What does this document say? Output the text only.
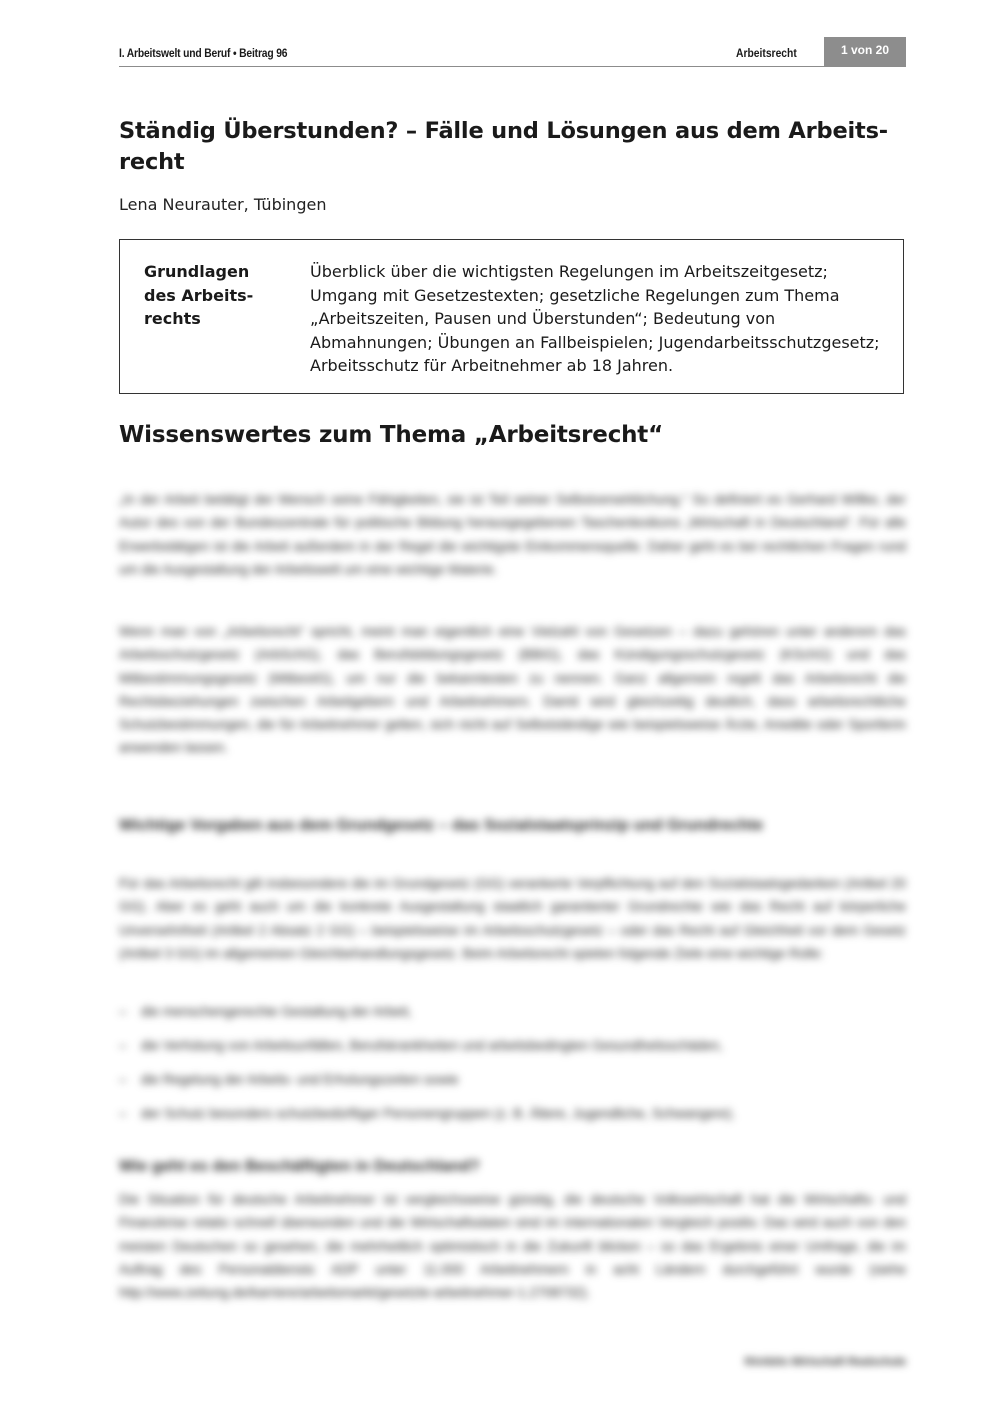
I. Arbeitswelt und Beruf • Beitrag 96	Arbeitsrecht	1 von 20
Ständig Überstunden? – Fälle und Lösungen aus dem Arbeits-recht
Lena Neurauter, Tübingen
Grundlagen des Arbeits-rechts
Überblick über die wichtigsten Regelungen im Arbeitszeitgesetz; Umgang mit Gesetzestexten; gesetzliche Regelungen zum Thema „Arbeitszeiten, Pausen und Überstunden“; Bedeutung von Abmahnungen; Übungen an Fallbeispielen; Jugendarbeitsschutzgesetz; Arbeitsschutz für Arbeitnehmer ab 18 Jahren.
Wissenswertes zum Thema „Arbeitsrecht“

„In der Arbeit betätigt der Mensch seine Fähigkeiten, sie ist Teil seiner Selbstverwirklichung.“ So definiert es Gerhard Willke, der Autor des von der Bundeszentrale für politische Bildung herausgegebenen Taschenlexikons „Wirtschaft in Deutschland“. Für alle Erwerbstätigen ist die Arbeit außerdem in der Regel die wichtigste Einkommensquelle. Daher geht es bei rechtlichen Fragen rund um die Ausgestaltung der Arbeitswelt um eine wichtige Materie.

Wenn man von „Arbeitsrecht“ spricht, meint man eigentlich eine Vielzahl von Gesetzen – dazu gehören unter anderem das Arbeitsschutzgesetz (ArbSchG), das Berufsbildungsgesetz (BBiG), das Kündigungsschutzgesetz (KSchG) und das Mitbestimmungsgesetz (MitbestG), um nur die bekanntesten zu nennen. Ganz allgemein regelt das Arbeitsrecht die Rechtsbeziehungen zwischen Arbeitgebern und Arbeitnehmern. Damit wird gleichzeitig deutlich, dass arbeitsrechtliche Schutzbestimmungen, die für Arbeitnehmer gelten, sich nicht auf Selbstständige wie beispielsweise Ärzte, Anwälte oder Sportlerin anwenden lassen.

Wichtige Vorgaben aus dem Grundgesetz – das Sozialstaatsprinzip und Grundrechte

Für das Arbeitsrecht gilt insbesondere die im Grundgesetz (GG) verankerte Verpflichtung auf den Sozialstaatsgedanken (Artikel 20 GG). Aber es geht auch um die konkrete Ausgestaltung staatlich garantierter Grundrechte wie das Recht auf körperliche Unversehrtheit (Artikel 2 Absatz 2 GG) – beispielsweise im Arbeitsschutzgesetz – oder das Recht auf Gleichheit vor dem Gesetz (Artikel 3 GG) im allgemeinen Gleichbehandlungsgesetz. Beim Arbeitsrecht spielen folgende Ziele eine wichtige Rolle:

– die menschengerechte Gestaltung der Arbeit,
– die Verhütung von Arbeitsunfällen, Berufskrankheiten und arbeitsbedingten Gesundheitsschäden,
– die Regelung der Arbeits- und Erholungszeiten sowie
– der Schutz besonders schutzbedürftiger Personengruppen (z. B. Ältere, Jugendliche, Schwangere).
Wie geht es den Beschäftigten in Deutschland?

Die Situation für deutsche Arbeitnehmer ist vergleichsweise günstig, die deutsche Volkswirtschaft hat die Wirtschafts- und Finanzkrise relativ schnell überwunden und die Wirtschaftsdaten sind im internationalen Vergleich positiv. Das wird auch von den meisten Deutschen so gesehen, die mehrheitlich optimistisch in die Zukunft blicken – so das Ergebnis einer Umfrage, die im Auftrag des Personaldiensts ADP unter 11.000 Arbeitnehmern in acht Ländern durchgeführt wurde (siehe http://www.zeitung.de/karriere/arbeitsmarkt/gesetzte-arbeitnehmer-1.2708732).

RAAbits Wirtschaft Realschule
